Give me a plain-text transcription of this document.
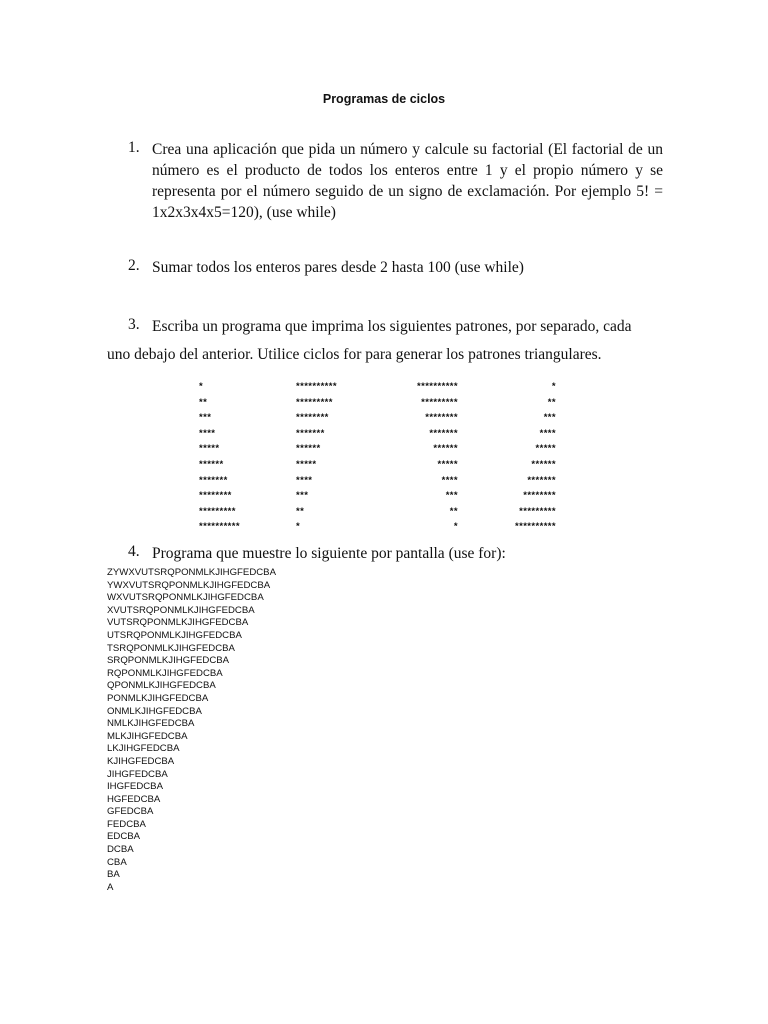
Programas de ciclos
1. Crea una aplicación que pida un número y calcule su factorial (El factorial de un número es el producto de todos los enteros entre 1 y el propio número y se representa por el número seguido de un signo de exclamación. Por ejemplo 5! = 1x2x3x4x5=120), (use while)
2. Sumar todos los enteros pares desde 2 hasta 100 (use while)
3. Escriba un programa que imprima los siguientes patrones, por separado, cada
uno debajo del anterior. Utilice ciclos for para generar los patrones triangulares.
*
**
***
****
*****
******
*******
********
*********
**********
**********
*********
********
*******
******
*****
****
***
**
*
**********
*********
********
*******
******
*****
****
***
**
*
*
**
***
****
*****
******
*******
********
*********
**********
4. Programa que muestre lo siguiente por pantalla (use for):
ZYWXVUTSRQPONMLKJIHGFEDCBA
YWXVUTSRQPONMLKJIHGFEDCBA
WXVUTSRQPONMLKJIHGFEDCBA
XVUTSRQPONMLKJIHGFEDCBA
VUTSRQPONMLKJIHGFEDCBA
UTSRQPONMLKJIHGFEDCBA
TSRQPONMLKJIHGFEDCBA
SRQPONMLKJIHGFEDCBA
RQPONMLKJIHGFEDCBA
QPONMLKJIHGFEDCBA
PONMLKJIHGFEDCBA
ONMLKJIHGFEDCBA
NMLKJIHGFEDCBA
MLKJIHGFEDCBA
LKJIHGFEDCBA
KJIHGFEDCBA
JIHGFEDCBA
IHGFEDCBA
HGFEDCBA
GFEDCBA
FEDCBA
EDCBA
DCBA
CBA
BA
A
